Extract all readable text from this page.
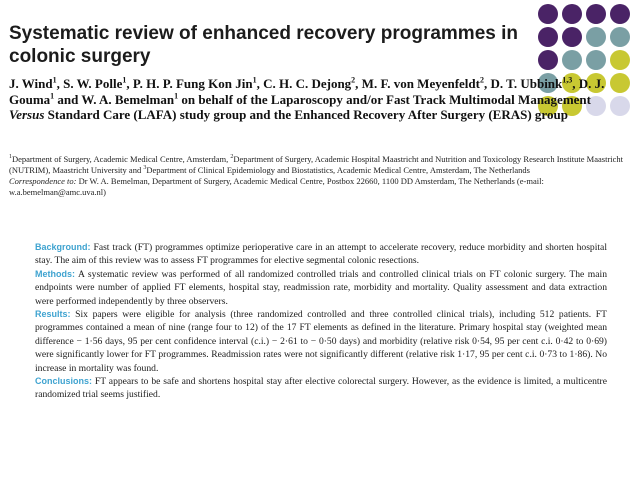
Systematic review of enhanced recovery programmes in colonic surgery

J. Wind$^1$, S. W. Polle$^1$, P. H. P. Fung Kon Jin$^1$, C. H. C. Dejong$^2$, M. F. von Meyenfeldt$^2$, D. T. Ubbink$^{1,3}$, D. J. Gouma$^1$ and W. A. Bemelman$^1$ on behalf of the Laparoscopy and/or Fast Track Multimodal Management Versus Standard Care (LAFA) study group and the Enhanced Recovery After Surgery (ERAS) group

$^1$Department of Surgery, Academic Medical Centre, Amsterdam, $^2$Department of Surgery, Academic Hospital Maastricht and Nutrition and Toxicology Research Institute Maastricht (NUTRIM), Maastricht University and $^3$Department of Clinical Epidemiology and Biostatistics, Academic Medical Centre, Amsterdam, The Netherlands
Correspondence to: Dr W. A. Bemelman, Department of Surgery, Academic Medical Centre, Postbox 22660, 1100 DD Amsterdam, The Netherlands (e-mail: w.a.bemelman@amc.uva.nl)

Background: Fast track (FT) programmes optimize perioperative care in an attempt to accelerate recovery, reduce morbidity and shorten hospital stay. The aim of this review was to assess FT programmes for elective segmental colonic resections.

Methods: A systematic review was performed of all randomized controlled trials and controlled clinical trials on FT colonic surgery. The main endpoints were number of applied FT elements, hospital stay, readmission rate, morbidity and mortality. Quality assessment and data extraction were performed independently by three observers.

Results: Six papers were eligible for analysis (three randomized controlled and three controlled clinical trials), including 512 patients. FT programmes contained a mean of nine (range four to 12) of the 17 FT elements as defined in the literature. Primary hospital stay (weighted mean difference − 1·56 days, 95 per cent confidence interval (c.i.) − 2·61 to − 0·50 days) and morbidity (relative risk 0·54, 95 per cent c.i. 0·42 to 0·69) were significantly lower for FT programmes. Readmission rates were not significantly different (relative risk 1·17, 95 per cent c.i. 0·73 to 1·86). No increase in mortality was found.

Conclusions: FT appears to be safe and shortens hospital stay after elective colorectal surgery. However, as the evidence is limited, a multicentre randomized trial seems justified.
